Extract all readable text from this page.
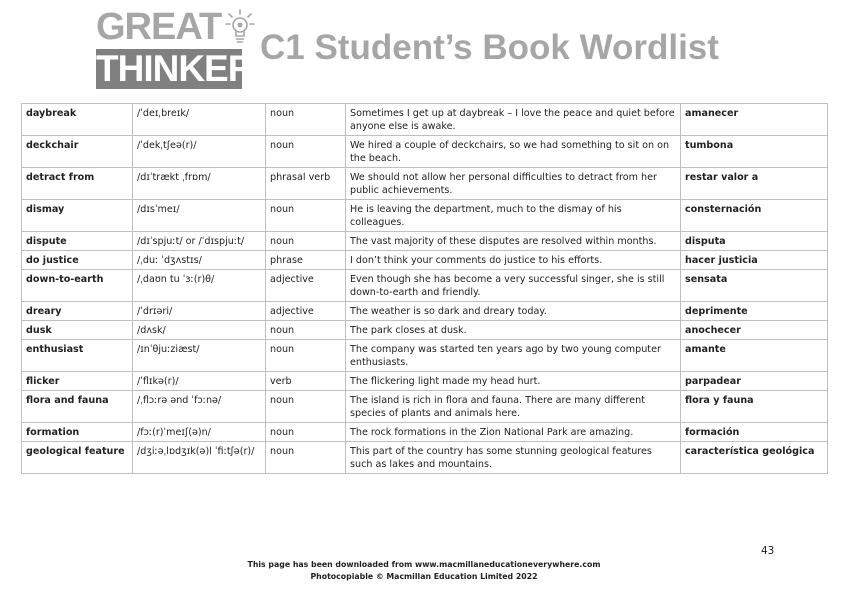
GREAT
THINKERS
C1 Student’s Book Wordlist
daybreak	/ˈdeɪˌbreɪk/	noun	Sometimes I get up at daybreak – I love the peace and quiet before anyone else is awake.	amanecer
deckchair	/ˈdekˌtʃeə(r)/	noun	We hired a couple of deckchairs, so we had something to sit on on the beach.	tumbona
detract from	/dɪˈtrækt ˌfrɒm/	phrasal verb	We should not allow her personal difficulties to detract from her public achievements.	restar valor a
dismay	/dɪsˈmeɪ/	noun	He is leaving the department, much to the dismay of his colleagues.	consternación
dispute	/dɪˈspjuːt/ or /ˈdɪspjuːt/	noun	The vast majority of these disputes are resolved within months.	disputa
do justice	/ˌduː ˈdʒʌstɪs/	phrase	I don’t think your comments do justice to his efforts.	hacer justicia
down-to-earth	/ˌdaʊn tu ˈɜː(r)θ/	adjective	Even though she has become a very successful singer, she is still down-to-earth and friendly.	sensata
dreary	/ˈdrɪəri/	adjective	The weather is so dark and dreary today.	deprimente
dusk	/dʌsk/	noun	The park closes at dusk.	anochecer
enthusiast	/ɪnˈθjuːziæst/	noun	The company was started ten years ago by two young computer enthusiasts.	amante
flicker	/ˈflɪkə(r)/	verb	The flickering light made my head hurt.	parpadear
flora and fauna	/ˌflɔːrə ənd ˈfɔːnə/	noun	The island is rich in flora and fauna. There are many different species of plants and animals here.	flora y fauna
formation	/fɔː(r)ˈmeɪʃ(ə)n/	noun	The rock formations in the Zion National Park are amazing.	formación
geological feature	/dʒiːəˌlɒdʒɪk(ə)l ˈfiːtʃə(r)/	noun	This part of the country has some stunning geological features such as lakes and mountains.	característica geológica
43
This page has been downloaded from www.macmillaneducationeverywhere.com
Photocopiable © Macmillan Education Limited 2022
